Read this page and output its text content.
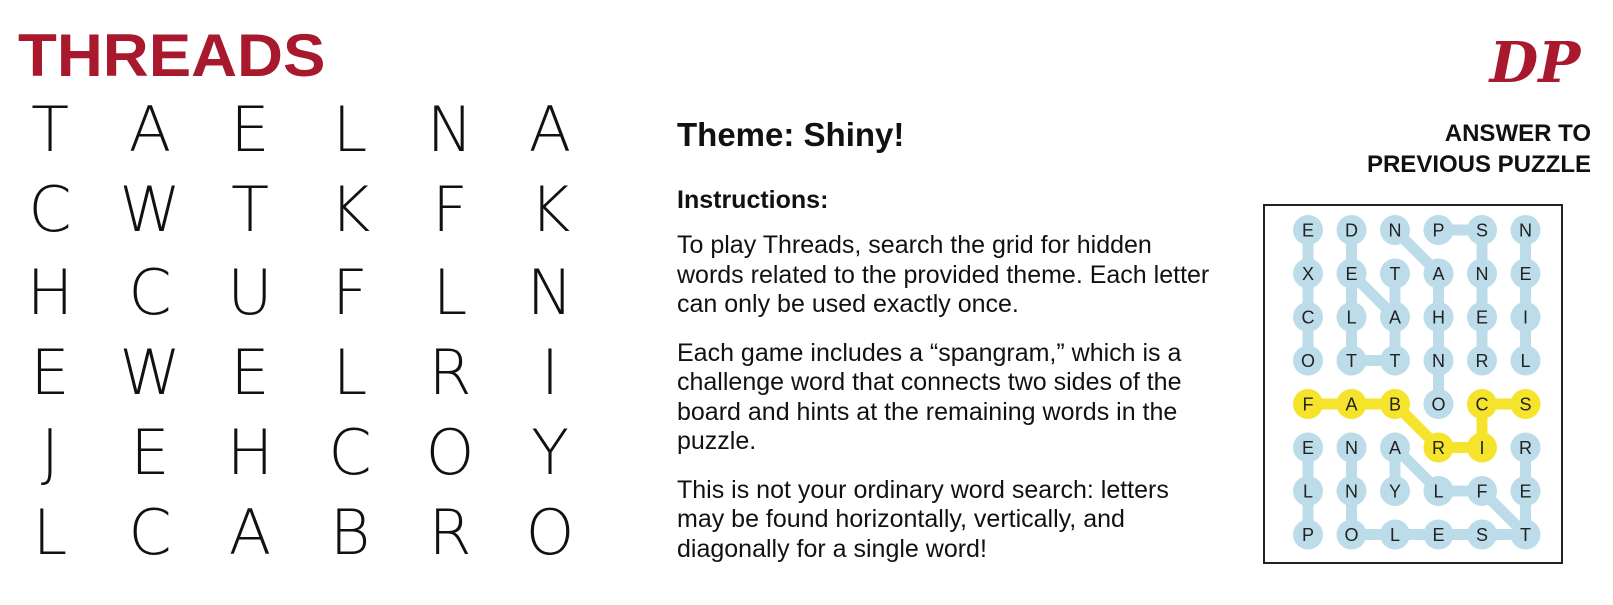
THREADS
T A E	L N A
C W T K F K
H C U F	L N
E W E	L R	I
J	E H C O Y
L C A B R O
Theme: Shiny!
Instructions:

To play Threads, search the grid for hidden words related to the provided theme. Each letter can only be used exactly once.

Each game includes a “spangram,” which is a challenge word that connects two sides of the board and hints at the remaining words in the puzzle.

This is not your ordinary word search: letters may be found horizontally, vertically, and diagonally for a single word!

DP
ANSWER TO
PREVIOUS PUZZLE
E D N P S N
X E T A N E
C L A H E I
O T T N R L
F A B O C S
E N A R I R
L N Y L F E
P O L E S T
